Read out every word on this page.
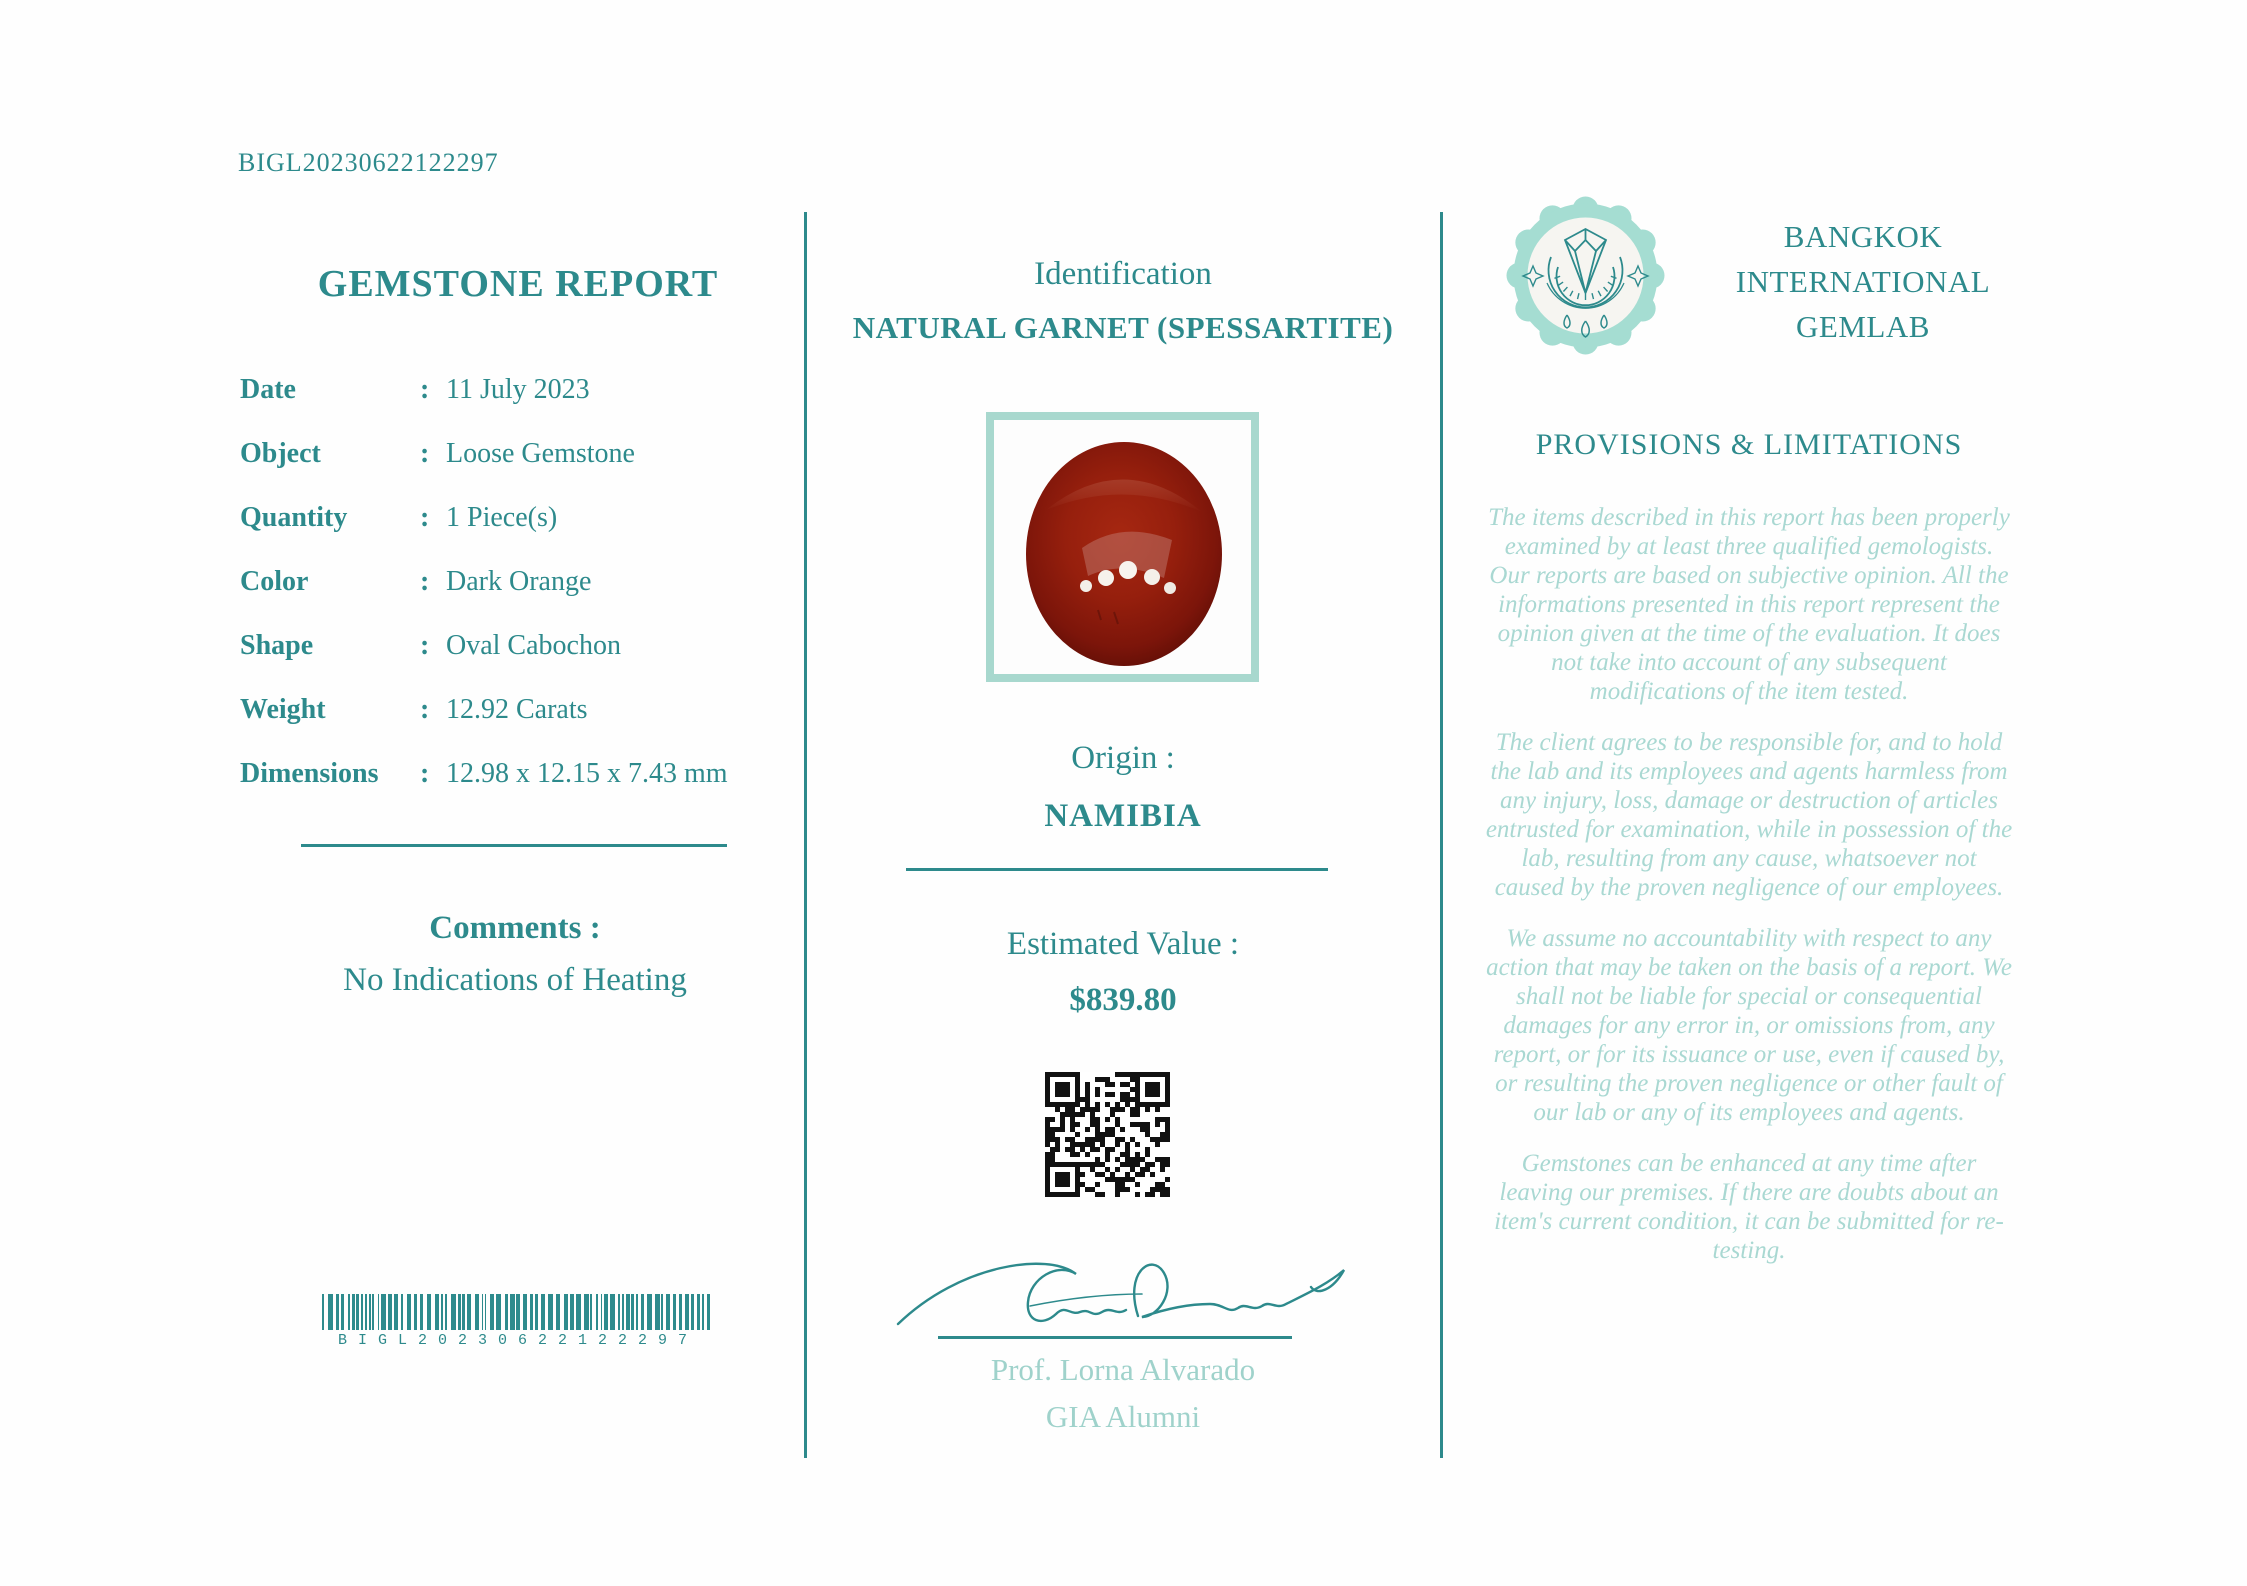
BIGL20230622122297
GEMSTONE REPORT
Date	: 11 July 2023
Object	: Loose Gemstone
Quantity	: 1 Piece(s)
Color	: Dark Orange
Shape	: Oval Cabochon
Weight	: 12.92 Carats
Dimensions	: 12.98 x 12.15 x 7.43 mm
Comments :
No Indications of Heating
BIGL20230622122297
Identification
NATURAL GARNET (SPESSARTITE)
Origin :
NAMIBIA
Estimated Value :
$839.80
Prof. Lorna Alvarado
GIA Alumni
BANGKOK
INTERNATIONAL
GEMLAB
PROVISIONS & LIMITATIONS

The items described in this report has been properly examined by at least three qualified gemologists. Our reports are based on subjective opinion. All the informations presented in this report represent the opinion given at the time of the evaluation. It does not take into account of any subsequent modifications of the item tested.

The client agrees to be responsible for, and to hold the lab and its employees and agents harmless from any injury, loss, damage or destruction of articles entrusted for examination, while in possession of the lab, resulting from any cause, whatsoever not caused by the proven negligence of our employees.

We assume no accountability with respect to any action that may be taken on the basis of a report. We shall not be liable for special or consequential damages for any error in, or omissions from, any report, or for its issuance or use, even if caused by, or resulting the proven negligence or other fault of our lab or any of its employees and agents.

Gemstones can be enhanced at any time after leaving our premises. If there are doubts about an item's current condition, it can be submitted for re-testing.
